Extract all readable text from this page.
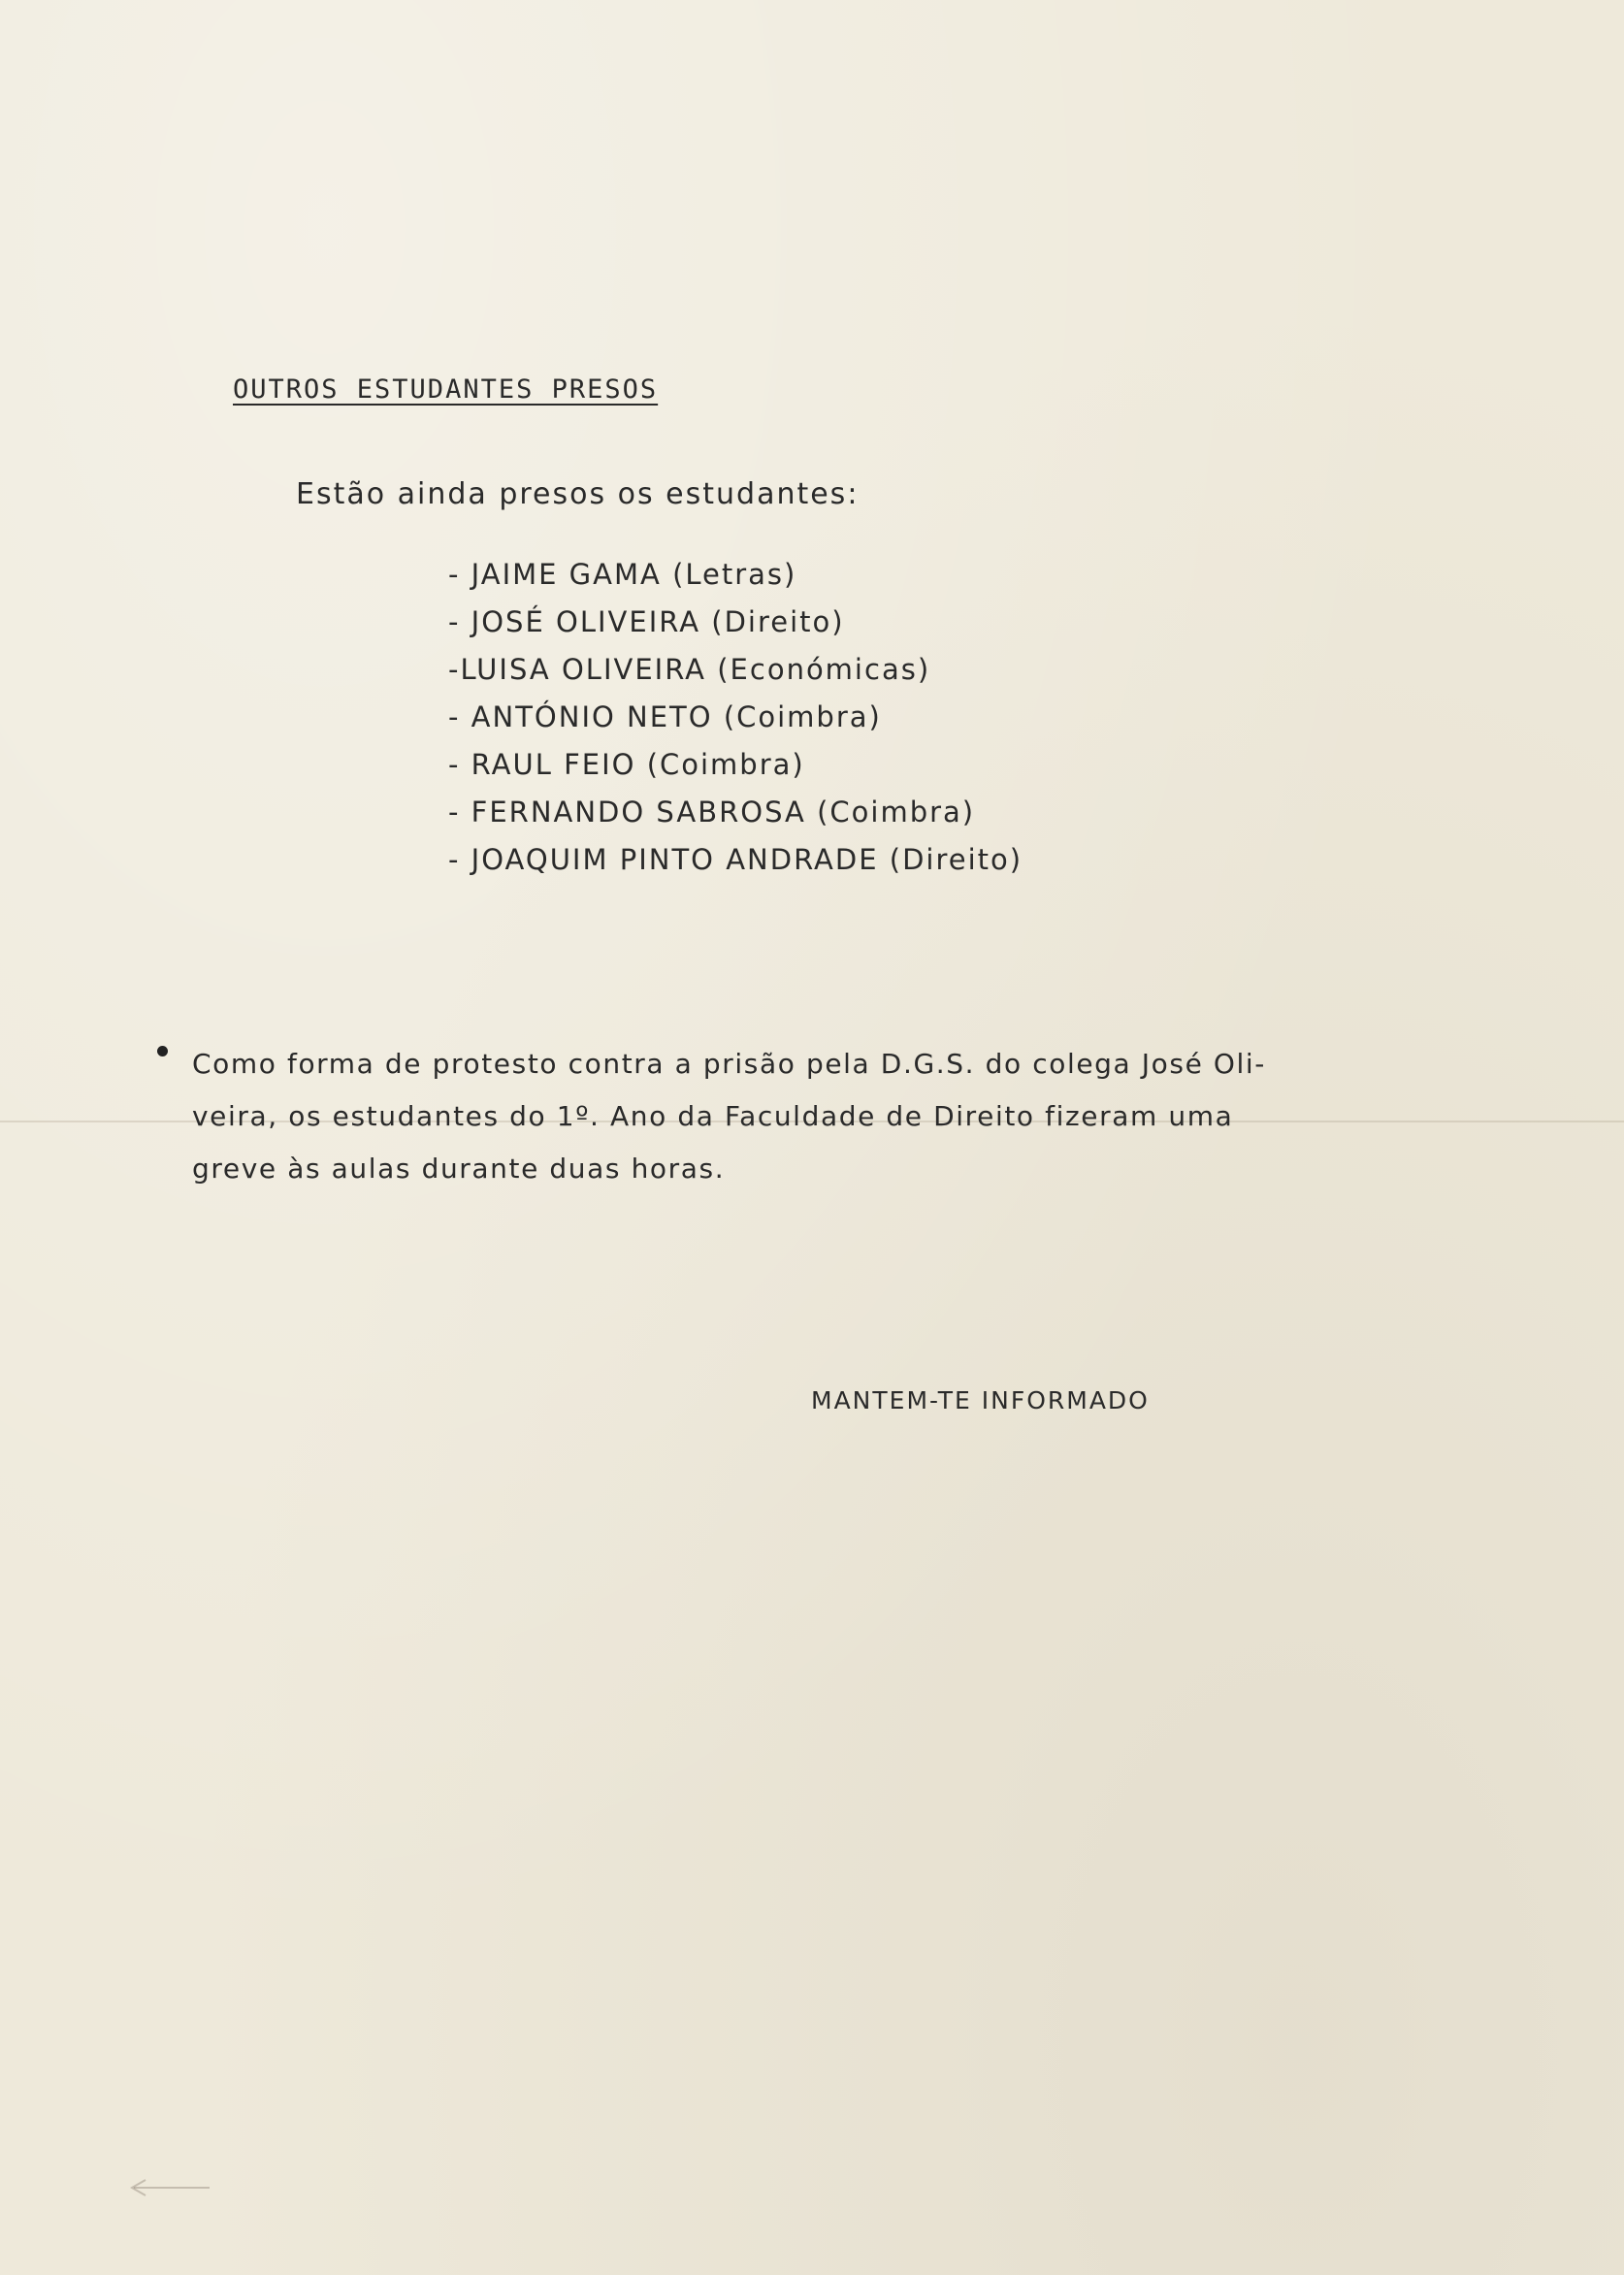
OUTROS ESTUDANTES PRESOS
Estão ainda presos os estudantes:
- JAIME GAMA (Letras)
- JOSÉ OLIVEIRA (Direito)
-LUISA OLIVEIRA (Económicas)
- ANTÓNIO NETO (Coimbra)
- RAUL FEIO (Coimbra)
- FERNANDO SABROSA (Coimbra)
- JOAQUIM PINTO ANDRADE (Direito)
Como forma de protesto contra a prisão pela D.G.S. do colega José Oli-
veira, os estudantes do 1º. Ano da Faculdade de Direito fizeram uma
greve às aulas durante duas horas.
MANTEM-TE INFORMADO
